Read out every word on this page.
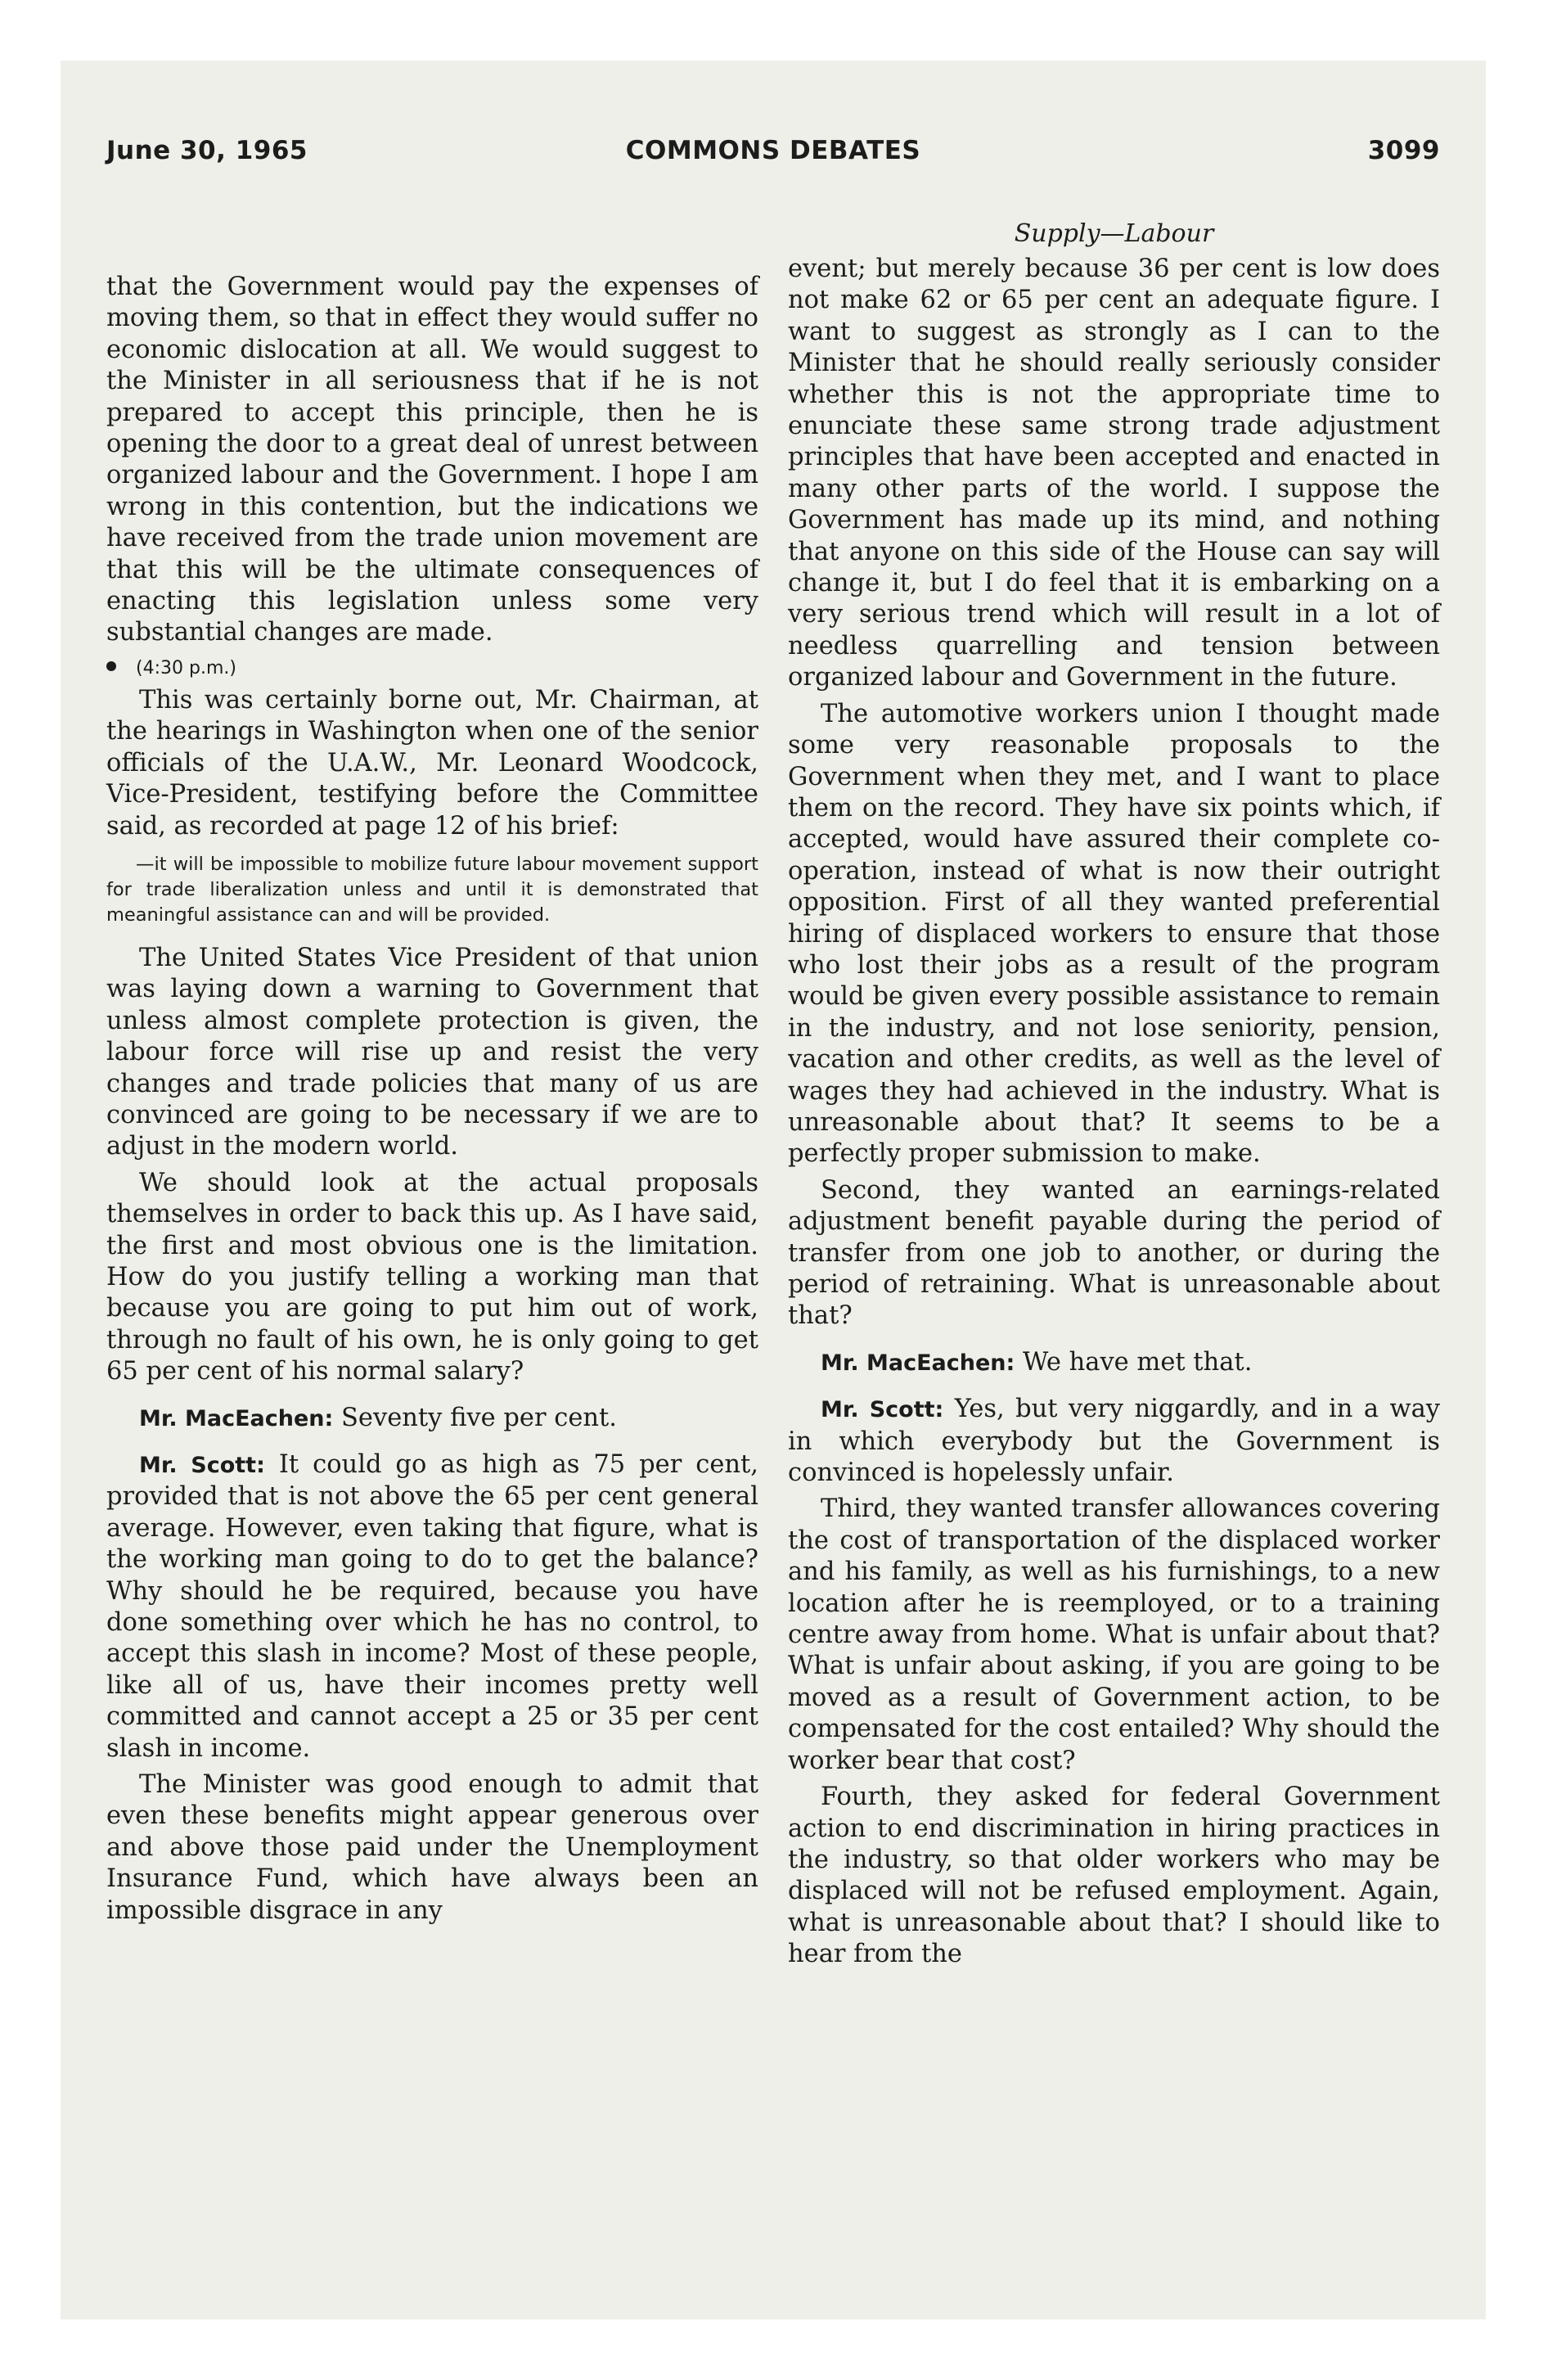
June 30, 1965	COMMONS DEBATES	3099

that the Government would pay the expenses of moving them, so that in effect they would suffer no economic dislocation at all. We would suggest to the Minister in all seriousness that if he is not prepared to accept this principle, then he is opening the door to a great deal of unrest between organized labour and the Government. I hope I am wrong in this contention, but the indications we have received from the trade union movement are that this will be the ultimate consequences of enacting this legislation unless some very substantial changes are made.

(4:30 p.m.)

This was certainly borne out, Mr. Chairman, at the hearings in Washington when one of the senior officials of the U.A.W., Mr. Leonard Woodcock, Vice-President, testifying before the Committee said, as recorded at page 12 of his brief:

—it will be impossible to mobilize future labour movement support for trade liberalization unless and until it is demonstrated that meaningful assistance can and will be provided.

The United States Vice President of that union was laying down a warning to Government that unless almost complete protection is given, the labour force will rise up and resist the very changes and trade policies that many of us are convinced are going to be necessary if we are to adjust in the modern world.

We should look at the actual proposals themselves in order to back this up. As I have said, the first and most obvious one is the limitation. How do you justify telling a working man that because you are going to put him out of work, through no fault of his own, he is only going to get 65 per cent of his normal salary?

Mr. MacEachen: Seventy five per cent.

Mr. Scott: It could go as high as 75 per cent, provided that is not above the 65 per cent general average. However, even taking that figure, what is the working man going to do to get the balance? Why should he be required, because you have done something over which he has no control, to accept this slash in income? Most of these people, like all of us, have their incomes pretty well committed and cannot accept a 25 or 35 per cent slash in income.

The Minister was good enough to admit that even these benefits might appear generous over and above those paid under the Unemployment Insurance Fund, which have always been an impossible disgrace in any

Supply—Labour

event; but merely because 36 per cent is low does not make 62 or 65 per cent an adequate figure. I want to suggest as strongly as I can to the Minister that he should really seriously consider whether this is not the appropriate time to enunciate these same strong trade adjustment principles that have been accepted and enacted in many other parts of the world. I suppose the Government has made up its mind, and nothing that anyone on this side of the House can say will change it, but I do feel that it is embarking on a very serious trend which will result in a lot of needless quarrelling and tension between organized labour and Government in the future.

The automotive workers union I thought made some very reasonable proposals to the Government when they met, and I want to place them on the record. They have six points which, if accepted, would have assured their complete co-operation, instead of what is now their outright opposition. First of all they wanted preferential hiring of displaced workers to ensure that those who lost their jobs as a result of the program would be given every possible assistance to remain in the industry, and not lose seniority, pension, vacation and other credits, as well as the level of wages they had achieved in the industry. What is unreasonable about that? It seems to be a perfectly proper submission to make.

Second, they wanted an earnings-related adjustment benefit payable during the period of transfer from one job to another, or during the period of retraining. What is unreasonable about that?

Mr. MacEachen: We have met that.

Mr. Scott: Yes, but very niggardly, and in a way in which everybody but the Government is convinced is hopelessly unfair.

Third, they wanted transfer allowances covering the cost of transportation of the displaced worker and his family, as well as his furnishings, to a new location after he is reemployed, or to a training centre away from home. What is unfair about that? What is unfair about asking, if you are going to be moved as a result of Government action, to be compensated for the cost entailed? Why should the worker bear that cost?

Fourth, they asked for federal Government action to end discrimination in hiring practices in the industry, so that older workers who may be displaced will not be refused employment. Again, what is unreasonable about that? I should like to hear from the
